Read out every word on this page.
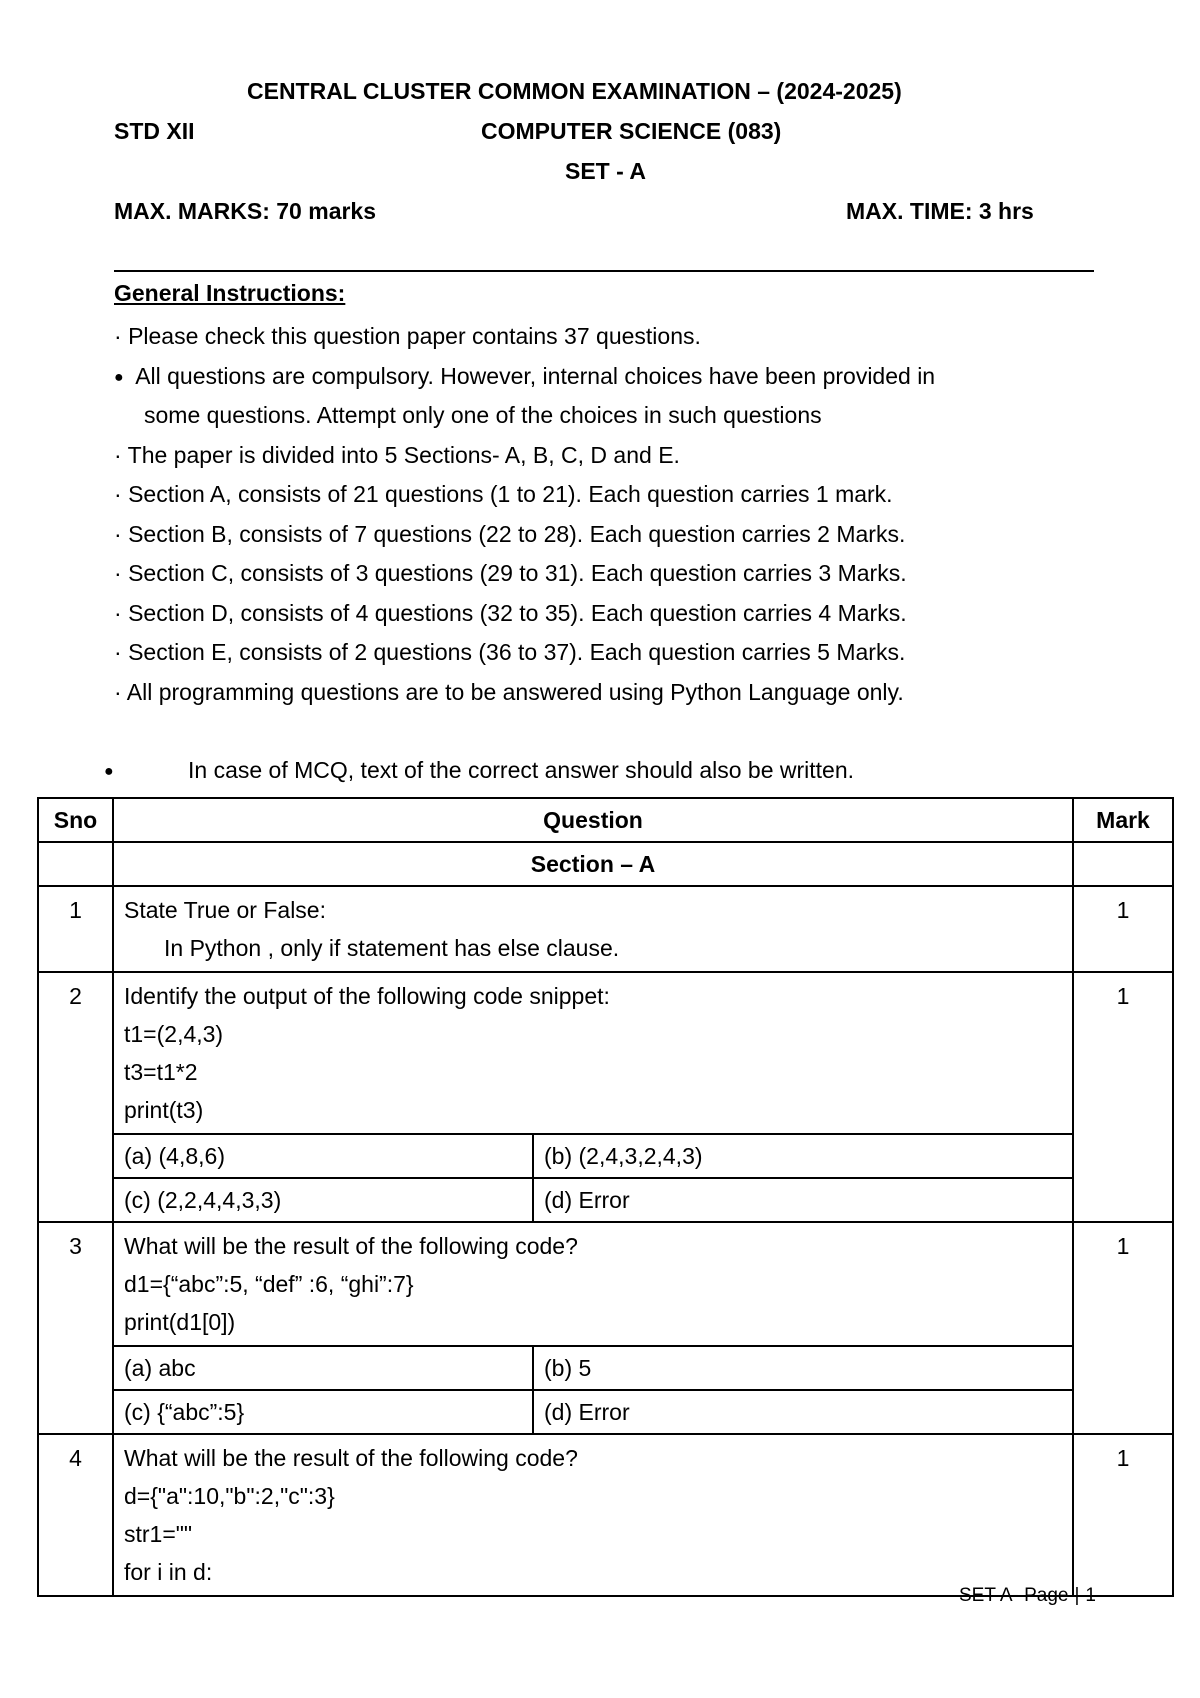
CENTRAL CLUSTER COMMON EXAMINATION – (2024-2025)
STD XII	COMPUTER SCIENCE (083)
SET - A
MAX. MARKS: 70 marks	MAX. TIME: 3 hrs
General Instructions:
· Please check this question paper contains 37 questions.
● All questions are compulsory. However, internal choices have been provided in
some questions. Attempt only one of the choices in such questions
· The paper is divided into 5 Sections- A, B, C, D and E.
· Section A, consists of 21 questions (1 to 21). Each question carries 1 mark.
· Section B, consists of 7 questions (22 to 28). Each question carries 2 Marks.
· Section C, consists of 3 questions (29 to 31). Each question carries 3 Marks.
· Section D, consists of 4 questions (32 to 35). Each question carries 4 Marks.
· Section E, consists of 2 questions (36 to 37). Each question carries 5 Marks.
· All programming questions are to be answered using Python Language only.
●	In case of MCQ, text of the correct answer should also be written.
Sno	Question		Mark
	Section – A		
1	State True or False:
In Python , only if statement has else clause.		1
2	Identify the output of the following code snippet:
t1=(2,4,3)
t3=t1*2
print(t3)		1
	(a) (4,8,6)	(b) (2,4,3,2,4,3)	
	(c) (2,2,4,4,3,3)	(d) Error	
3	What will be the result of the following code?
d1={“abc”:5, “def” :6, “ghi”:7}
print(d1[0])		1
	(a) abc	(b) 5	
	(c) {“abc”:5}	(d) Error	
4	What will be the result of the following code?
d={"a":10,"b":2,"c":3}
str1=""
for i in d:		1
SET A- Page | 1
